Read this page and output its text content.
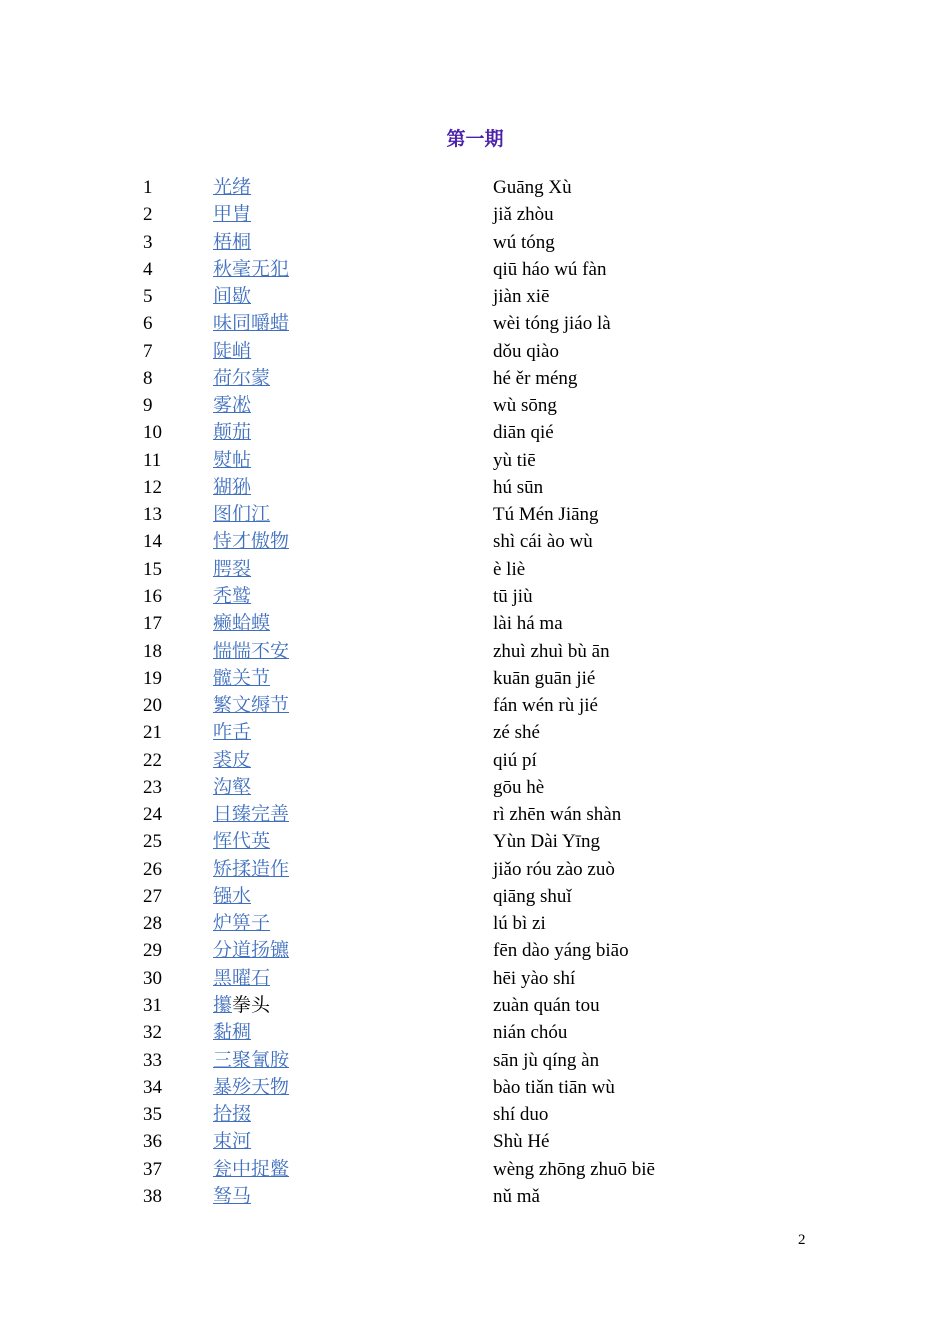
第一期
1	光绪	Guāng Xù
2	甲胄	jiǎ zhòu
3	梧桐	wú tóng
4	秋毫无犯	qiū háo wú fàn
5	间歇	jiàn xiē
6	味同嚼蜡	wèi tóng jiáo là
7	陡峭	dǒu qiào
8	荷尔蒙	hé ěr méng
9	雾凇	wù sōng
10	颠茄	diān qié
11	熨帖	yù tiē
12	猢狲	hú sūn
13	图们江	Tú Mén Jiāng
14	恃才傲物	shì cái ào wù
15	腭裂	è liè
16	秃鹫	tū jiù
17	癞蛤蟆	lài há ma
18	惴惴不安	zhuì zhuì bù ān
19	髋关节	kuān guān jié
20	繁文缛节	fán wén rù jié
21	咋舌	zé shé
22	裘皮	qiú pí
23	沟壑	gōu hè
24	日臻完善	rì zhēn wán shàn
25	恽代英	Yùn Dài Yīng
26	矫揉造作	jiǎo róu zào zuò
27	镪水	qiāng shuǐ
28	炉箅子	lú bì zi
29	分道扬镳	fēn dào yáng biāo
30	黑曜石	hēi yào shí
31	攥拳头	zuàn quán tou
32	黏稠	nián chóu
33	三聚氰胺	sān jù qíng àn
34	暴殄天物	bào tiǎn tiān wù
35	拾掇	shí duo
36	束河	Shù Hé
37	瓮中捉鳖	wèng zhōng zhuō biē
38	驽马	nǔ mǎ
2
